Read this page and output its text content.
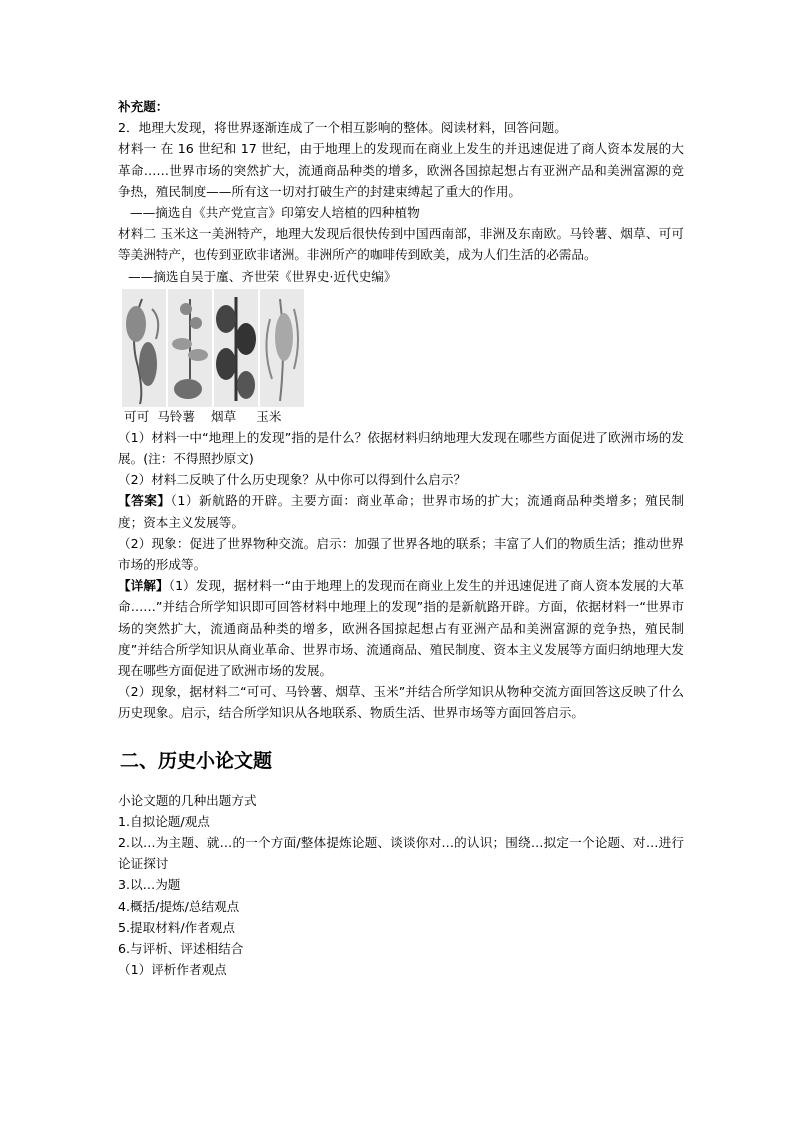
补充题：

2．地理大发现，将世界逐渐连成了一个相互影响的整体。阅读材料，回答问题。

材料一 在 16 世纪和 17 世纪，由于地理上的发现而在商业上发生的并迅速促进了商人资本发展的大革命……世界市场的突然扩大，流通商品种类的增多，欧洲各国掠起想占有亚洲产品和美洲富源的竞争热，殖民制度——所有这一切对打破生产的封建束缚起了重大的作用。

——摘选自《共产党宣言》印第安人培植的四种植物

材料二 玉米这一美洲特产，地理大发现后很快传到中国西南部，非洲及东南欧。马铃薯、烟草、可可等美洲特产，也传到亚欧非诸洲。非洲所产的咖啡传到欧美，成为人们生活的必需品。

——摘选自吴于廑、齐世荣《世界史·近代史编》

可可 马铃薯 烟草 玉米

（1）材料一中“地理上的发现”指的是什么？依据材料归纳地理大发现在哪些方面促进了欧洲市场的发展。(注：不得照抄原文)

（2）材料二反映了什么历史现象？从中你可以得到什么启示？

【答案】（1）新航路的开辟。主要方面：商业革命；世界市场的扩大；流通商品种类增多；殖民制度；资本主义发展等。

（2）现象：促进了世界物种交流。启示：加强了世界各地的联系；丰富了人们的物质生活；推动世界市场的形成等。

【详解】（1）发现，据材料一“由于地理上的发现而在商业上发生的并迅速促进了商人资本发展的大革命……”并结合所学知识即可回答材料中地理上的发现”指的是新航路开辟。方面，依据材料一“世界市场的突然扩大，流通商品种类的增多，欧洲各国掠起想占有亚洲产品和美洲富源的竞争热，殖民制度”并结合所学知识从商业革命、世界市场、流通商品、殖民制度、资本主义发展等方面归纳地理大发现在哪些方面促进了欧洲市场的发展。

（2）现象，据材料二“可可、马铃薯、烟草、玉米”并结合所学知识从物种交流方面回答这反映了什么历史现象。启示，结合所学知识从各地联系、物质生活、世界市场等方面回答启示。

二、历史小论文题

小论文题的几种出题方式

1.自拟论题/观点

2.以…为主题、就…的一个方面/整体提炼论题、谈谈你对…的认识；围绕…拟定一个论题、对…进行论证探讨

3.以…为题

4.概括/提炼/总结观点

5.提取材料/作者观点

6.与评析、评述相结合

（1）评析作者观点
